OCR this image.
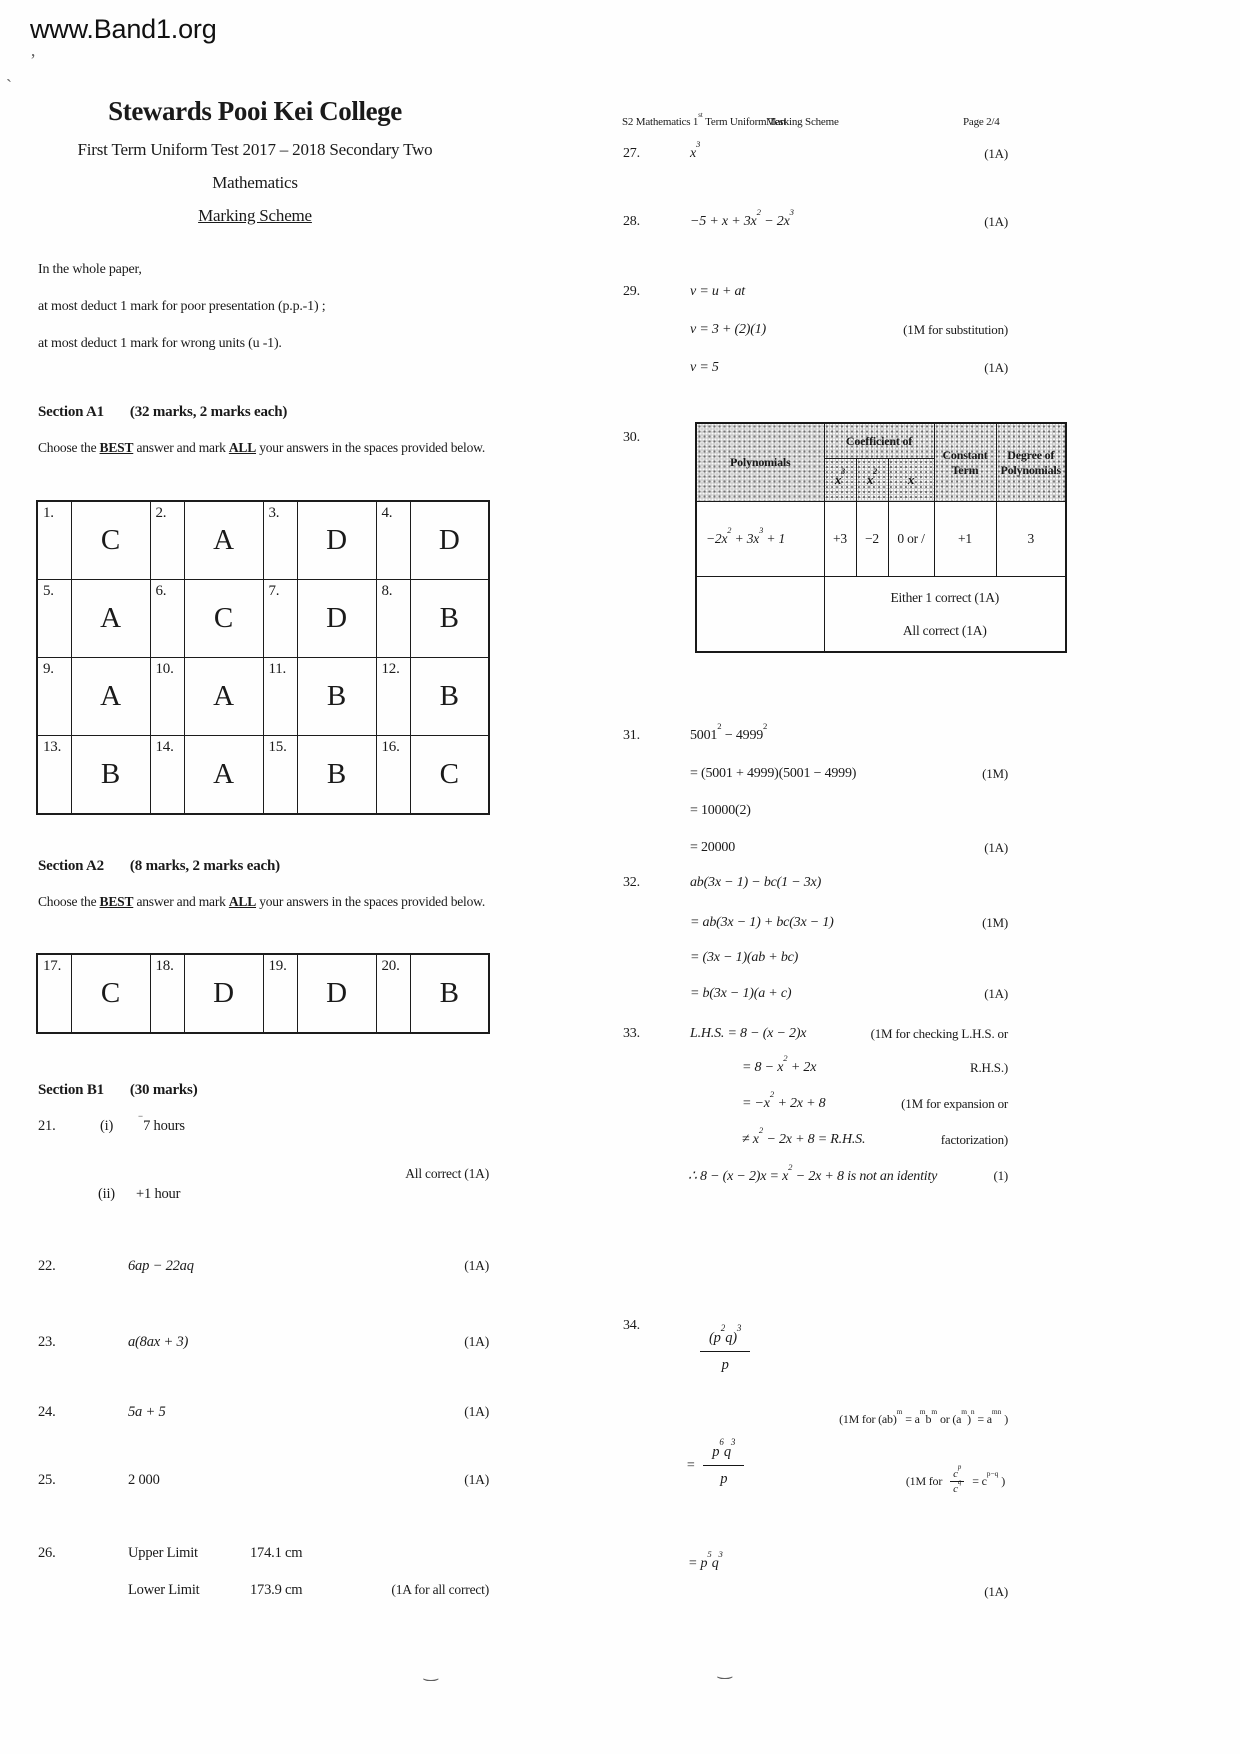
www.Band1.org
’
`
‿	‿
Stewards Pooi Kei College
First Term Uniform Test 2017 – 2018 Secondary Two
Mathematics
Marking Scheme
In the whole paper,
at most deduct 1 mark for poor presentation (p.p.-1) ;
at most deduct 1 mark for wrong units (u -1).
Section A1 (32 marks, 2 marks each)
Choose the BEST answer and mark ALL your answers in the spaces provided below.
1.	C	2.	A	3.	D	4.	D
5.	A	6.	C	7.	D	8.	B
9.	A	10.	A	11.	B	12.	B
13.	B	14.	A	15.	B	16.	C
Section A2 (8 marks, 2 marks each)
Choose the BEST answer and mark ALL your answers in the spaces provided below.
17.	C	18.	D	19.	D	20.	B
Section B1 (30 marks)
21.	(i)
−7 hours
All correct (1A)
(ii) +1 hour
22.	6ap − 22aq	(1A)
23.	a(8ax + 3)	(1A)
24.	5a + 5	(1A)
25.	2 000	(1A)
26.	Upper Limit	174.1 cm
Lower Limit	173.9 cm	(1A for all correct)
S2 Mathematics 1st Term Uniform Test
Marking Scheme	Page 2/4
27.	$x^3$
(1A)
28.	$-5 + x + 3x^2 - 2x^3$
(1A)
29.	v = u + at
v = 3 + (2)(1)	(1M for substitution)
v = 5	(1A)
30.
Polynomials	Coefficient of			Constant Term	Degree of Polynomials
	$x^3$	$x^2$	x		
$-2x^2 + 3x^3 + 1$	+3	−2	0 or /	+1	3

	Either 1 correct (1A)
All correct (1A)				
31.	$5001^2 - 4999^2$
= (5001 + 4999)(5001 − 4999)	(1M)
= 10000(2)
= 20000	(1A)
32.	ab(3x − 1) − bc(1 − 3x)
= ab(3x − 1) + bc(3x − 1)	(1M)
= (3x − 1)(ab + bc)
= b(3x − 1)(a + c)	(1A)
33.	L.H.S. = 8 − (x − 2)x	(1M for checking L.H.S. or
= $8 - x^2 + 2x$	R.H.S.)
= $-x^2 + 2x + 8$	(1M for expansion or
≠ $x^2 - 2x + 8 = R.H.S$.	factorization)
∴ $8 - (x - 2)x = x^2 - 2x + 8$ is not an identity	(1)
34.
$\frac{(p^2q)^3}{p}$
(1M for $(ab)^m = a^mb^m$ or $(a^m)^n = a^{mn}$ )
= $\frac{p^6q^3}{p}$	(1M for $\frac{c^p}{c^q} = c^{p-q}$ )
= $p^5q^3$
(1A)
